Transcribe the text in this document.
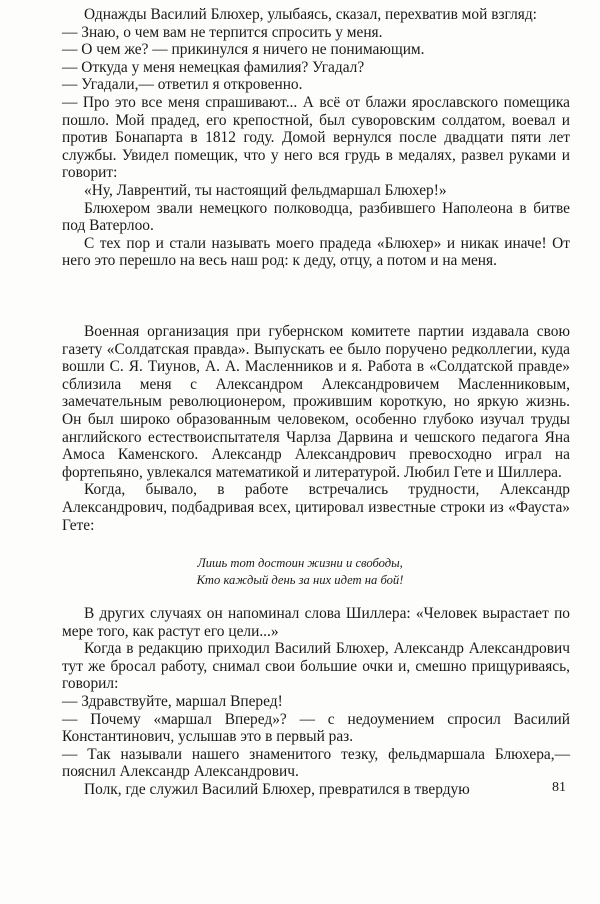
Однажды Василий Блюхер, улыбаясь, сказал, перехватив мой взгляд:

— Знаю, о чем вам не терпится спросить у меня.

— О чем же? — прикинулся я ничего не понимающим.

— Откуда у меня немецкая фамилия? Угадал?

— Угадали,— ответил я откровенно.

— Про это все меня спрашивают... А всё от блажи ярославского помещика пошло. Мой прадед, его крепостной, был суворовским солдатом, воевал и против Бонапарта в 1812 году. Домой вернулся после двадцати пяти лет службы. Увидел помещик, что у него вся грудь в медалях, развел руками и говорит:

«Ну, Лаврентий, ты настоящий фельдмаршал Блюхер!»

Блюхером звали немецкого полководца, разбившего Наполеона в битве под Ватерлоо.

С тех пор и стали называть моего прадеда «Блюхер» и никак иначе! От него это перешло на весь наш род: к деду, отцу, а потом и на меня.

Военная организация при губернском комитете партии издавала свою газету «Солдатская правда». Выпускать ее было поручено редколлегии, куда вошли С. Я. Тиунов, А. А. Масленников и я. Работа в «Солдатской правде» сблизила меня с Александром Александровичем Масленниковым, замечательным революционером, прожившим короткую, но яркую жизнь. Он был широко образованным человеком, особенно глубоко изучал труды английского естествоиспытателя Чарлза Дарвина и чешского педагога Яна Амоса Каменского. Александр Александрович превосходно играл на фортепьяно, увлекался математикой и литературой. Любил Гете и Шиллера.

Когда, бывало, в работе встречались трудности, Александр Александрович, подбадривая всех, цитировал известные строки из «Фауста» Гете:

Лишь тот достоин жизни и свободы,
Кто каждый день за них идет на бой!

В других случаях он напоминал слова Шиллера: «Человек вырастает по мере того, как растут его цели...»

Когда в редакцию приходил Василий Блюхер, Александр Александрович тут же бросал работу, снимал свои большие очки и, смешно прищуриваясь, говорил:

— Здравствуйте, маршал Вперед!

— Почему «маршал Вперед»? — с недоумением спросил Василий Константинович, услышав это в первый раз.

— Так называли нашего знаменитого тезку, фельдмаршала Блюхера,— пояснил Александр Александрович.

Полк, где служил Василий Блюхер, превратился в твердую	81
